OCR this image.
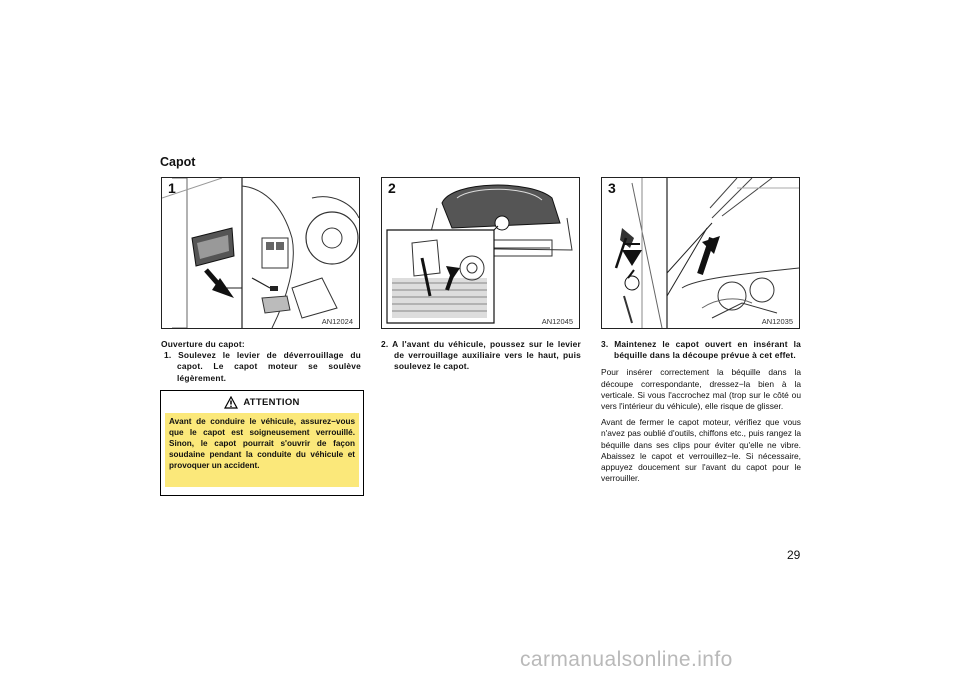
Capot
1
AN12024
2
AN12045
3
AN12035

Ouverture du capot:

1. Soulevez le levier de déverrouillage du capot. Le capot moteur se soulève légèrement.

ATTENTION
Avant de conduire le véhicule, assurez−vous que le capot est soigneusement verrouillé. Sinon, le capot pourrait s'ouvrir de façon soudaine pendant la conduite du véhicule et provoquer un accident.

2. A l'avant du véhicule, poussez sur le levier de verrouillage auxiliaire vers le haut, puis soulevez le capot.

3. Maintenez le capot ouvert en insérant la béquille dans la découpe prévue à cet effet.

Pour insérer correctement la béquille dans la découpe correspondante, dressez−la bien à la verticale. Si vous l'accrochez mal (trop sur le côté ou vers l'intérieur du véhicule), elle risque de glisser.

Avant de fermer le capot moteur, vérifiez que vous n'avez pas oublié d'outils, chiffons etc., puis rangez la béquille dans ses clips pour éviter qu'elle ne vibre. Abaissez le capot et verrouillez−le. Si nécessaire, appuyez doucement sur l'avant du capot pour le verrouiller.

29

carmanualsonline.info
